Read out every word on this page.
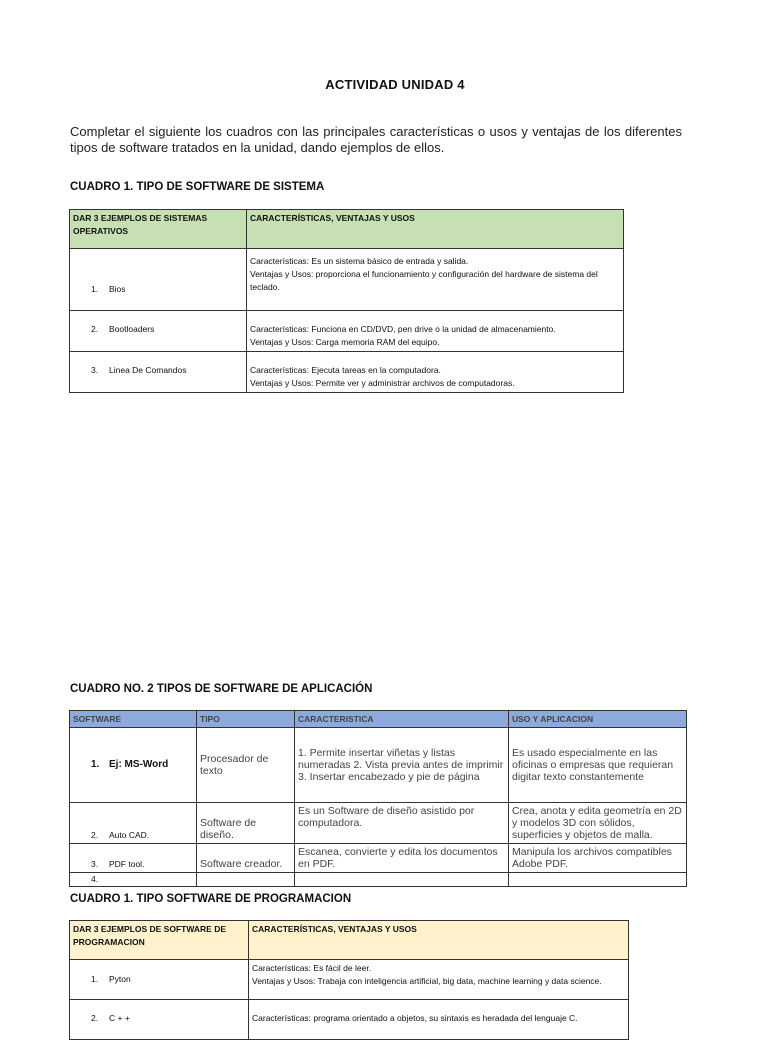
ACTIVIDAD UNIDAD 4
Completar el siguiente los cuadros con las principales características o usos y ventajas de los diferentes tipos de software tratados en la unidad, dando ejemplos de ellos.
CUADRO 1. TIPO DE SOFTWARE DE SISTEMA
DAR 3 EJEMPLOS DE SISTEMAS OPERATIVOS	CARACTERÍSTICAS, VENTAJAS Y USOS
1. Bios	Características: Es un sistema básico de entrada y salida.
Ventajas y Usos: proporciona el funcionamiento y configuración del hardware de sistema del teclado.

2. Bootloaders	Características: Funciona en CD/DVD, pen drive o la unidad de almacenamiento.
Ventajas y Usos: Carga memoria RAM del equipo.

3. Linea De Comandos	Características: Ejecuta tareas en la computadora.
Ventajas y Usos: Permite ver y administrar archivos de computadoras.
CUADRO NO. 2 TIPOS DE SOFTWARE DE APLICACIÓN
SOFTWARE	TIPO	CARACTERISTICA	USO Y APLICACION
1. Ej: MS-Word	Procesador de texto	1. Permite insertar viñetas y listas numeradas 2. Vista previa antes de imprimir 3. Insertar encabezado y pie de página	Es usado especialmente en las oficinas o empresas que requieran digitar texto constantemente
2. Auto CAD.	Software de diseño.	Es un Software de diseño asistido por computadora.	Crea, anota y edita geometría en 2D y modelos 3D con sólidos, superficies y objetos de malla.
3. PDF tool.	Software creador.	Escanea, convierte y edita los documentos en PDF.	Manipula los archivos compatibles Adobe PDF.
4.			
CUADRO 1. TIPO SOFTWARE DE PROGRAMACION
DAR 3 EJEMPLOS DE SOFTWARE DE PROGRAMACION	CARACTERÍSTICAS, VENTAJAS Y USOS
1. Pyton	Características: Es fácil de leer.
Ventajas y Usos: Trabaja con inteligencia artificial, big data, machine learning y data science.

2. C + +	Características: programa orientado a objetos, su sintaxis es heradada del lenguaje C.
